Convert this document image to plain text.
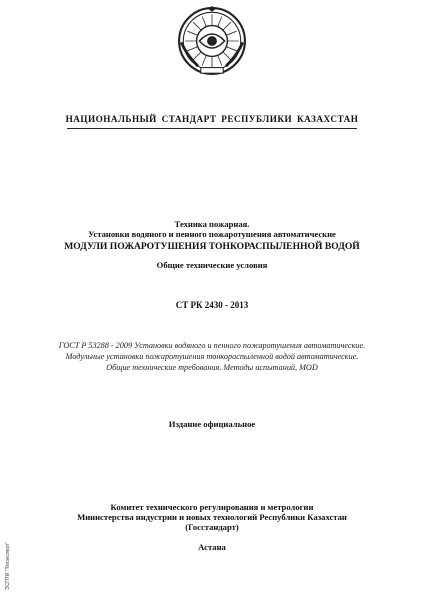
НАЦИОНАЛЬНЫЙ СТАНДАРТ РЕСПУБЛИКИ КАЗАХСТАН
Техника пожарная.
Установки водяного и пенного пожаротушения автоматические
МОДУЛИ ПОЖАРОТУШЕНИЯ ТОНКОРАСПЫЛЕННОЙ ВОДОЙ
Общие технические условия
СТ РК 2430 - 2013
ГОСТ Р 53288 - 2009 Установки водяного и пенного пожаротушения автоматические.
Модульные установки пожаротушения тонкораспыленной водой автоматические.
Общие технические требования. Методы испытаний, MOD
Издание официальное
Комитет технического регулирования и метрологии
Министерства индустрии и новых технологий Республики Казахстан
(Госстандарт)
Астана
ЭСПТИ "Техэксперт"
